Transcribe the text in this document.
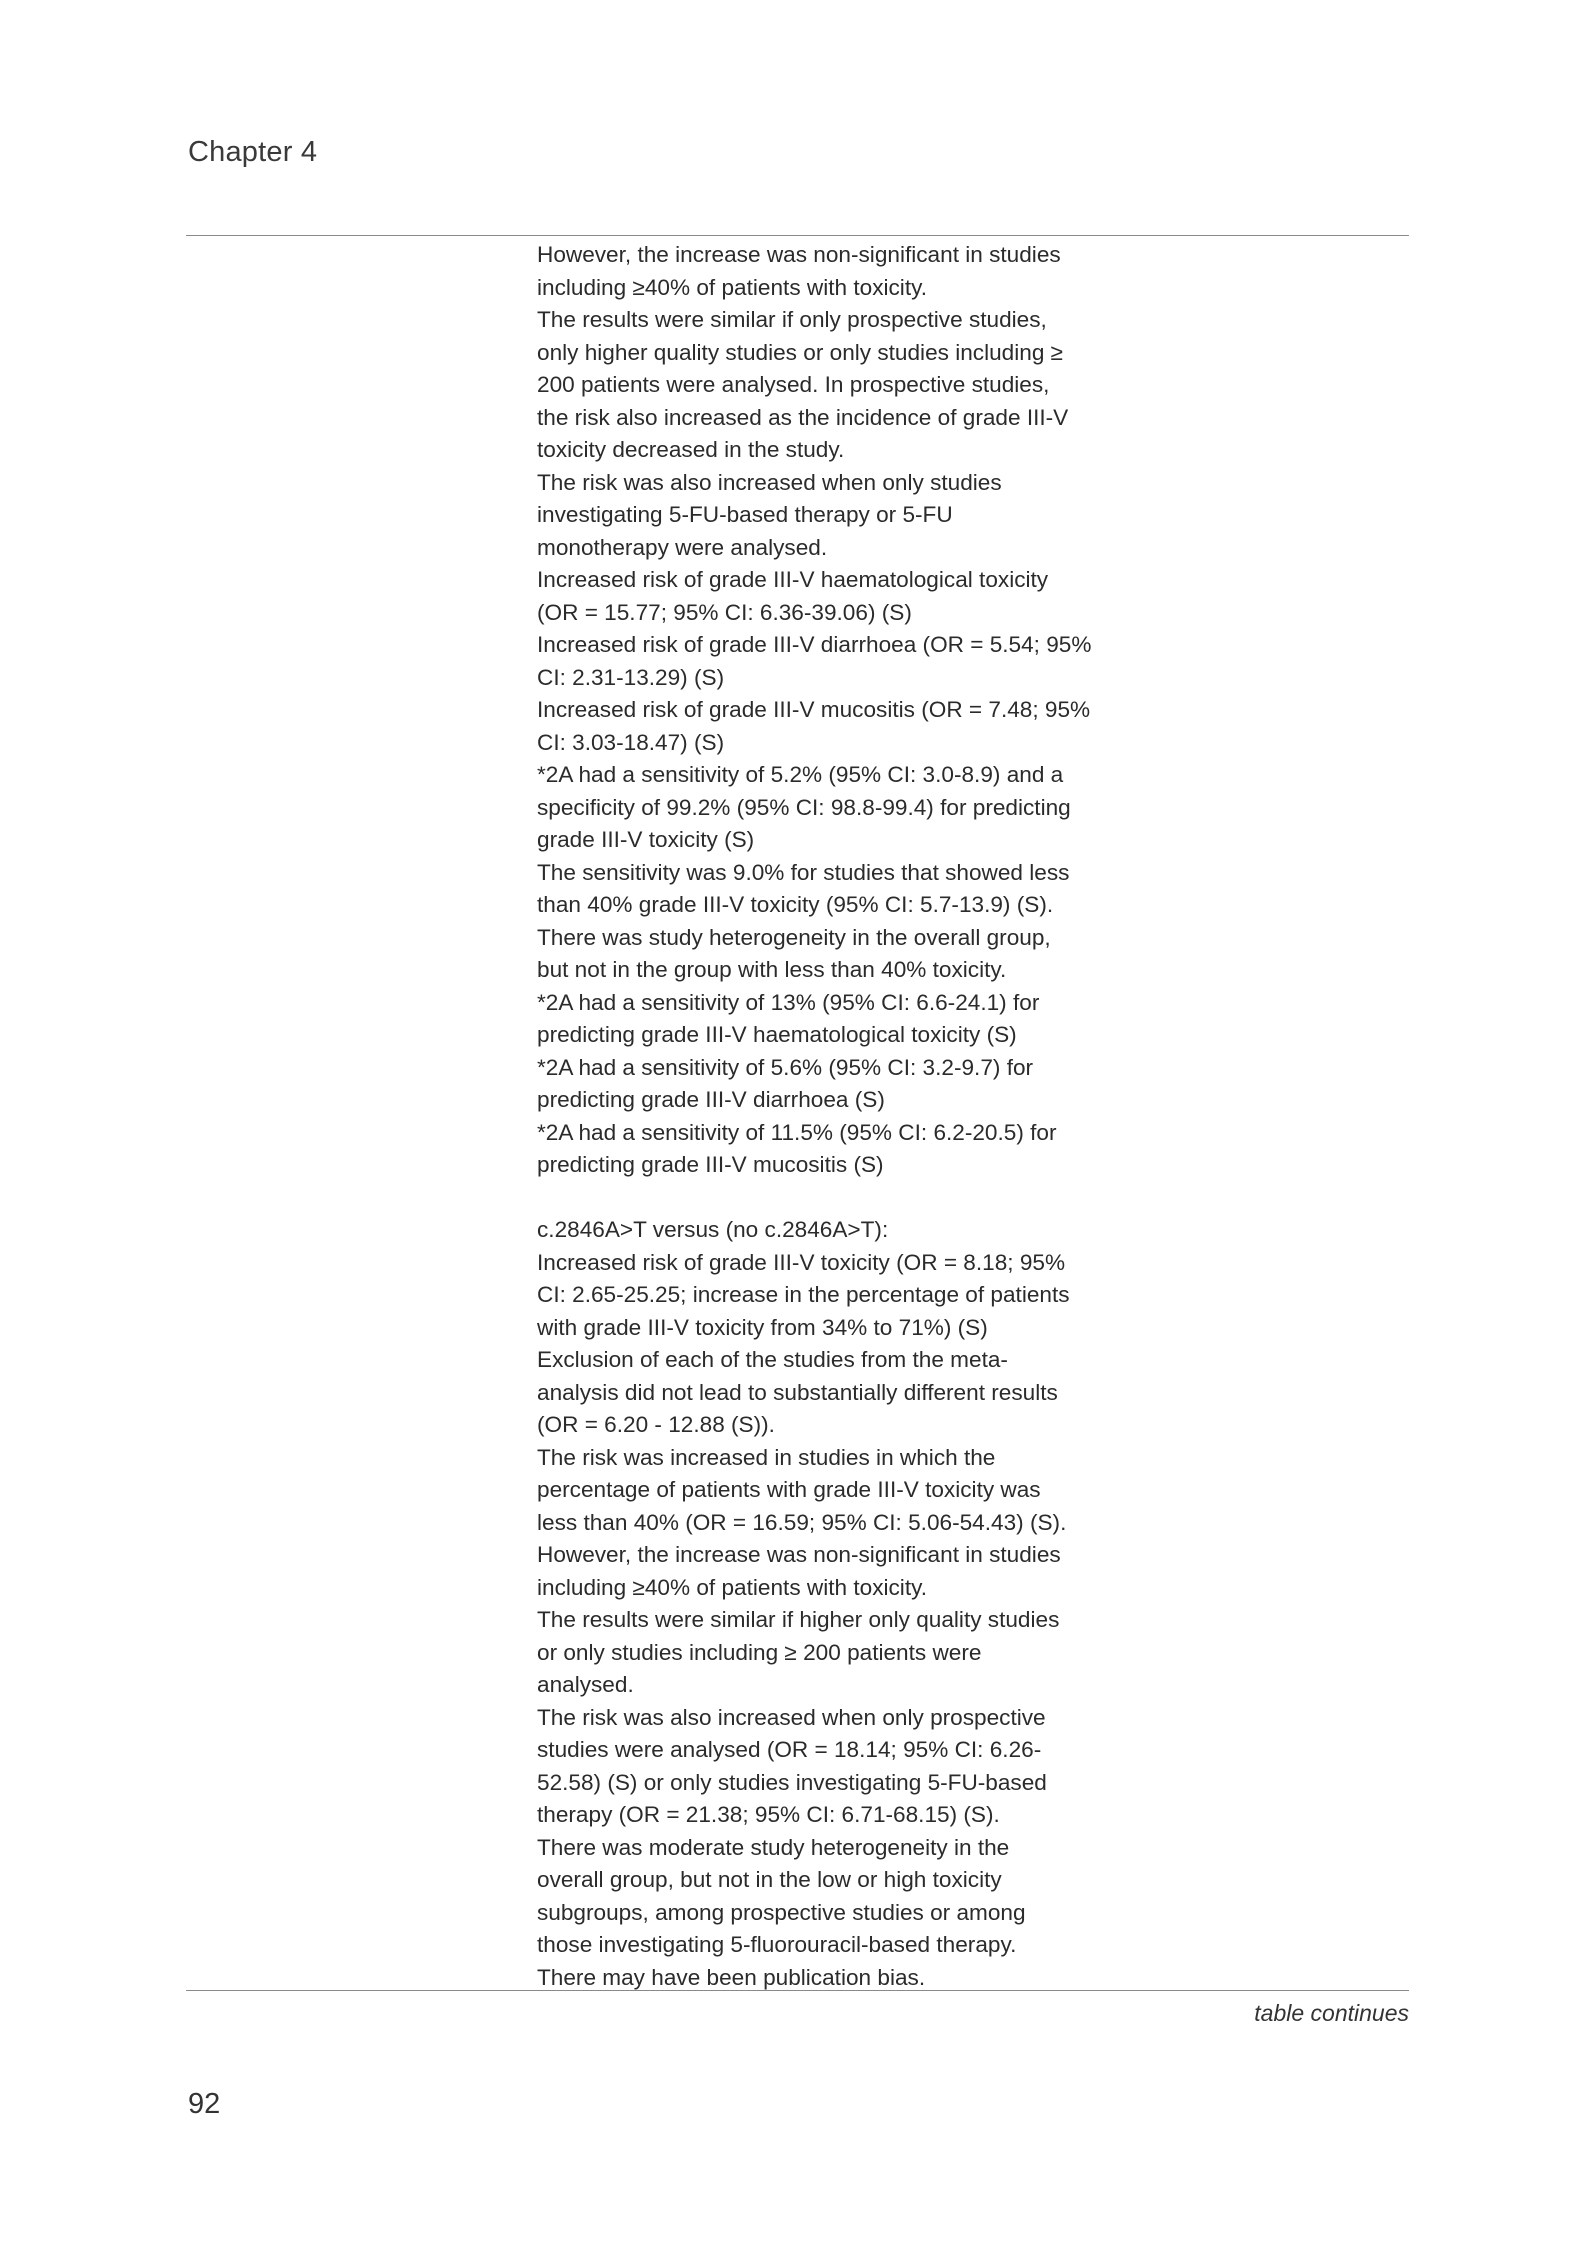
Chapter 4
However, the increase was non-significant in studies
including ≥40% of patients with toxicity.
The results were similar if only prospective studies,
only higher quality studies or only studies including ≥
200 patients were analysed. In prospective studies,
the risk also increased as the incidence of grade III-V
toxicity decreased in the study.
The risk was also increased when only studies
investigating 5-FU-based therapy or 5-FU
monotherapy were analysed.
Increased risk of grade III-V haematological toxicity
(OR = 15.77; 95% CI: 6.36-39.06) (S)
Increased risk of grade III-V diarrhoea (OR = 5.54; 95%
CI: 2.31-13.29) (S)
Increased risk of grade III-V mucositis (OR = 7.48; 95%
CI: 3.03-18.47) (S)
*2A had a sensitivity of 5.2% (95% CI: 3.0-8.9) and a
specificity of 99.2% (95% CI: 98.8-99.4) for predicting
grade III-V toxicity (S)
The sensitivity was 9.0% for studies that showed less
than 40% grade III-V toxicity (95% CI: 5.7-13.9) (S).
There was study heterogeneity in the overall group,
but not in the group with less than 40% toxicity.
*2A had a sensitivity of 13% (95% CI: 6.6-24.1) for
predicting grade III-V haematological toxicity (S)
*2A had a sensitivity of 5.6% (95% CI: 3.2-9.7) for
predicting grade III-V diarrhoea (S)
*2A had a sensitivity of 11.5% (95% CI: 6.2-20.5) for
predicting grade III-V mucositis (S)
c.2846A>T versus (no c.2846A>T):
Increased risk of grade III-V toxicity (OR = 8.18; 95%
CI: 2.65-25.25; increase in the percentage of patients
with grade III-V toxicity from 34% to 71%) (S)
Exclusion of each of the studies from the meta-
analysis did not lead to substantially different results
(OR = 6.20 - 12.88 (S)).
The risk was increased in studies in which the
percentage of patients with grade III-V toxicity was
less than 40% (OR = 16.59; 95% CI: 5.06-54.43) (S).
However, the increase was non-significant in studies
including ≥40% of patients with toxicity.
The results were similar if higher only quality studies
or only studies including ≥ 200 patients were
analysed.
The risk was also increased when only prospective
studies were analysed (OR = 18.14; 95% CI: 6.26-
52.58) (S) or only studies investigating 5-FU-based
therapy (OR = 21.38; 95% CI: 6.71-68.15) (S).
There was moderate study heterogeneity in the
overall group, but not in the low or high toxicity
subgroups, among prospective studies or among
those investigating 5-fluorouracil-based therapy.
There may have been publication bias.
table continues
92
